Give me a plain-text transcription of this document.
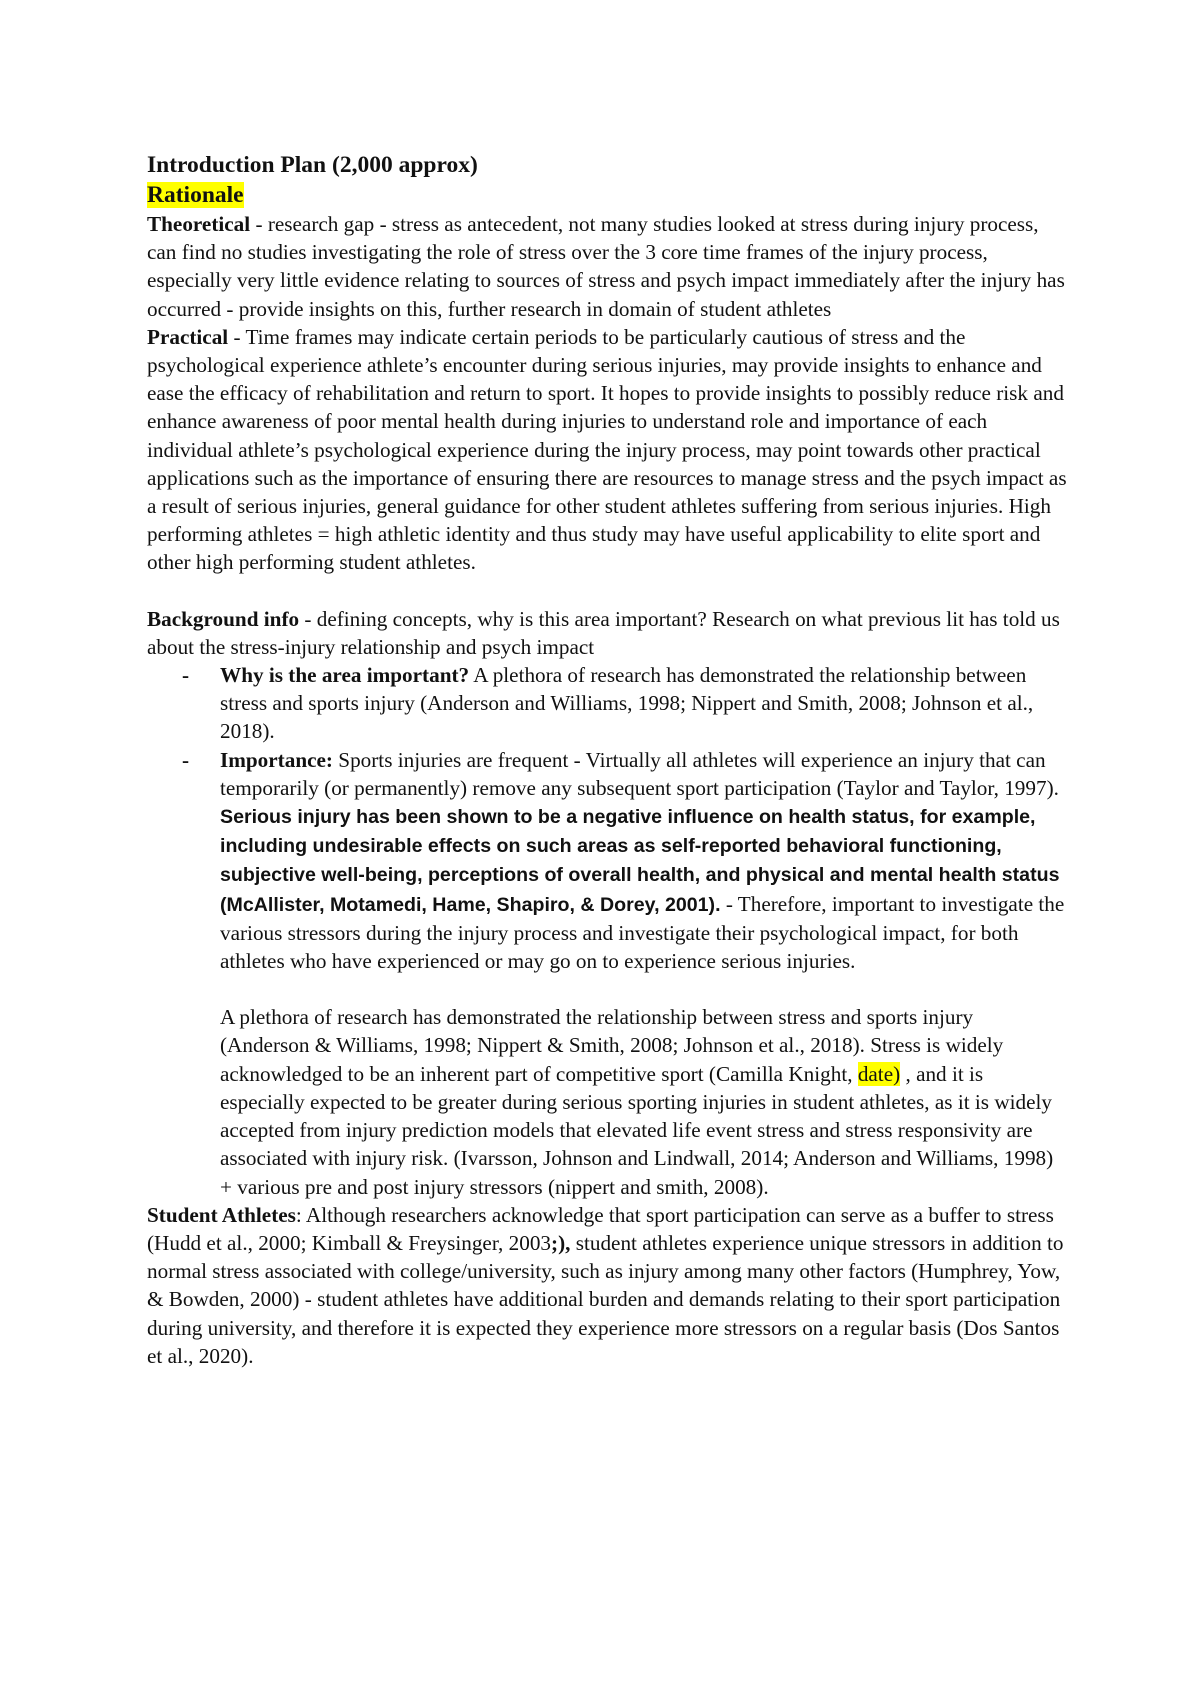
Introduction Plan (2,000 approx)
Rationale

Theoretical - research gap - stress as antecedent, not many studies looked at stress during injury process, can find no studies investigating the role of stress over the 3 core time frames of the injury process, especially very little evidence relating to sources of stress and psych impact immediately after the injury has occurred - provide insights on this, further research in domain of student athletes

Practical - Time frames may indicate certain periods to be particularly cautious of stress and the psychological experience athlete’s encounter during serious injuries, may provide insights to enhance and ease the efficacy of rehabilitation and return to sport. It hopes to provide insights to possibly reduce risk and enhance awareness of poor mental health during injuries to understand role and importance of each individual athlete’s psychological experience during the injury process, may point towards other practical applications such as the importance of ensuring there are resources to manage stress and the psych impact as a result of serious injuries, general guidance for other student athletes suffering from serious injuries. High performing athletes = high athletic identity and thus study may have useful applicability to elite sport and other high performing student athletes.

Background info - defining concepts, why is this area important? Research on what previous lit has told us about the stress-injury relationship and psych impact

- Why is the area important? A plethora of research has demonstrated the relationship between stress and sports injury (Anderson and Williams, 1998; Nippert and Smith, 2008; Johnson et al., 2018).
- Importance: Sports injuries are frequent - Virtually all athletes will experience an injury that can temporarily (or permanently) remove any subsequent sport participation (Taylor and Taylor, 1997). Serious injury has been shown to be a negative influence on health status, for example, including undesirable effects on such areas as self-reported behavioral functioning, subjective well-being, perceptions of overall health, and physical and mental health status (McAllister, Motamedi, Hame, Shapiro, & Dorey, 2001). - Therefore, important to investigate the various stressors during the injury process and investigate their psychological impact, for both athletes who have experienced or may go on to experience serious injuries.

A plethora of research has demonstrated the relationship between stress and sports injury (Anderson & Williams, 1998; Nippert & Smith, 2008; Johnson et al., 2018). Stress is widely acknowledged to be an inherent part of competitive sport (Camilla Knight, date) , and it is especially expected to be greater during serious sporting injuries in student athletes, as it is widely accepted from injury prediction models that elevated life event stress and stress responsivity are associated with injury risk. (Ivarsson, Johnson and Lindwall, 2014; Anderson and Williams, 1998) + various pre and post injury stressors (nippert and smith, 2008).

Student Athletes: Although researchers acknowledge that sport participation can serve as a buffer to stress (Hudd et al., 2000; Kimball & Freysinger, 2003;), student athletes experience unique stressors in addition to normal stress associated with college/university, such as injury among many other factors (Humphrey, Yow, & Bowden, 2000) - student athletes have additional burden and demands relating to their sport participation during university, and therefore it is expected they experience more stressors on a regular basis (Dos Santos et al., 2020).
